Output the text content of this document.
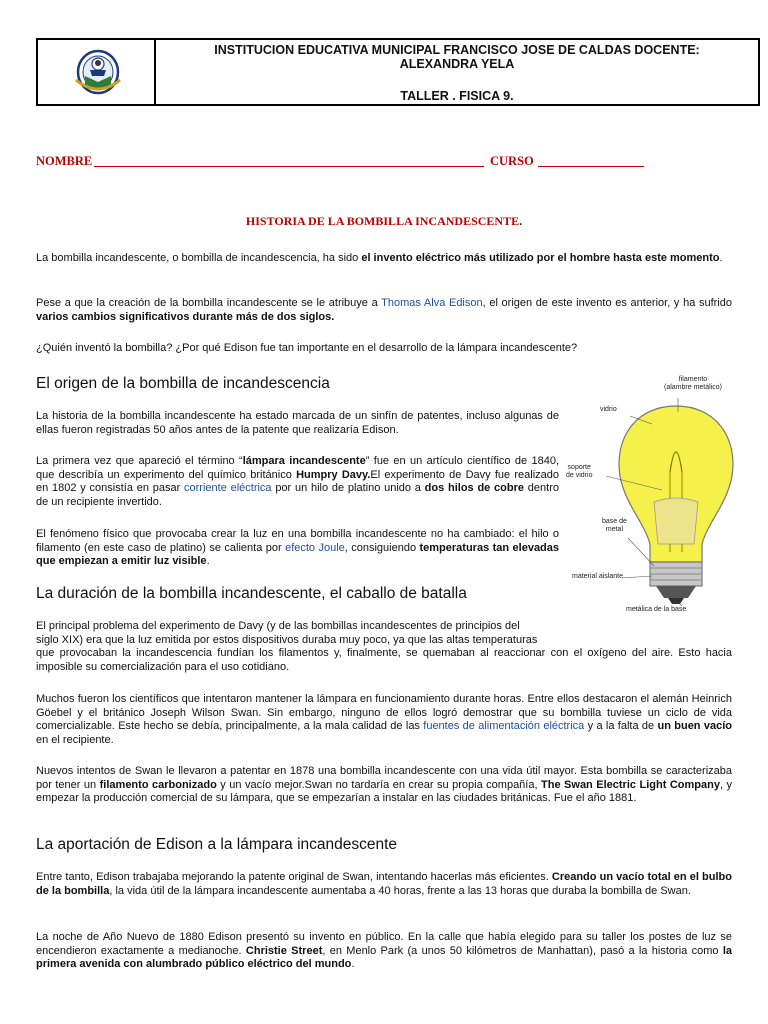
INSTITUCION EDUCATIVA MUNICIPAL FRANCISCO JOSE DE CALDAS DOCENTE:
ALEXANDRA YELA
TALLER . FISICA 9.
NOMBRE	CURSO
HISTORIA DE LA BOMBILLA INCANDESCENTE.

La bombilla incandescente, o bombilla de incandescencia, ha sido el invento eléctrico más utilizado por el hombre hasta este momento.

Pese a que la creación de la bombilla incandescente se le atribuye a Thomas Alva Edison, el origen de este invento es anterior, y ha sufrido varios cambios significativos durante más de dos siglos.

¿Quién inventó la bombilla? ¿Por qué Edison fue tan importante en el desarrollo de la lámpara incandescente?

El origen de la bombilla de incandescencia

La historia de la bombilla incandescente ha estado marcada de un sinfín de patentes, incluso algunas de ellas fueron registradas 50 años antes de la patente que realizaría Edison.

La primera vez que apareció el término “lámpara incandescente” fue en un artículo científico de 1840, que describía un experimento del químico británico Humpry Davy.El experimento de Davy fue realizado en 1802 y consistía en pasar corriente eléctrica por un hilo de platino unido a dos hilos de cobre dentro de un recipiente invertido.

El fenómeno físico que provocaba crear la luz en una bombilla incandescente no ha cambiado: el hilo o filamento (en este caso de platino) se calienta por efecto Joule, consiguiendo temperaturas tan elevadas que empiezan a emitir luz visible.

filamento
(alambre metálico)
vidrio
soporte
de vidrio
base de
metal
material aislante
metálica de la base
La duración de la bombilla incandescente, el caballo de batalla
El principal problema del experimento de Davy (y de las bombillas incandescentes de principios del
siglo XIX) era que la luz emitida por estos dispositivos duraba muy poco, ya que las altas temperaturas

que provocaban la incandescencia fundían los filamentos y, finalmente, se quemaban al reaccionar con el oxígeno del aire. Esto hacia imposible su comercialización para el uso cotidiano.

Muchos fueron los científicos que intentaron mantener la lámpara en funcionamiento durante horas. Entre ellos destacaron el alemán Heinrich Göebel y el británico Joseph Wilson Swan. Sin embargo, ninguno de ellos logró demostrar que su bombilla tuviese un ciclo de vida comercializable. Este hecho se debía, principalmente, a la mala calidad de las fuentes de alimentación eléctrica y a la falta de un buen vacío en el recipiente.

Nuevos intentos de Swan le llevaron a patentar en 1878 una bombilla incandescente con una vida útil mayor. Esta bombilla se caracterizaba por tener un filamento carbonizado y un vacío mejor.Swan no tardaría en crear su propia compañía, The Swan Electric Light Company, y empezar la producción comercial de su lámpara, que se empezarían a instalar en las ciudades británicas. Fue el año 1881.

La aportación de Edison a la lámpara incandescente

Entre tanto, Edison trabajaba mejorando la patente original de Swan, intentando hacerlas más eficientes. Creando un vacío total en el bulbo de la bombilla, la vida útil de la lámpara incandescente aumentaba a 40 horas, frente a las 13 horas que duraba la bombilla de Swan.

La noche de Año Nuevo de 1880 Edison presentó su invento en público. En la calle que había elegido para su taller los postes de luz se encendieron exactamente a medianoche. Christie Street, en Menlo Park (a unos 50 kilómetros de Manhattan), pasó a la historia como la primera avenida con alumbrado público eléctrico del mundo.
